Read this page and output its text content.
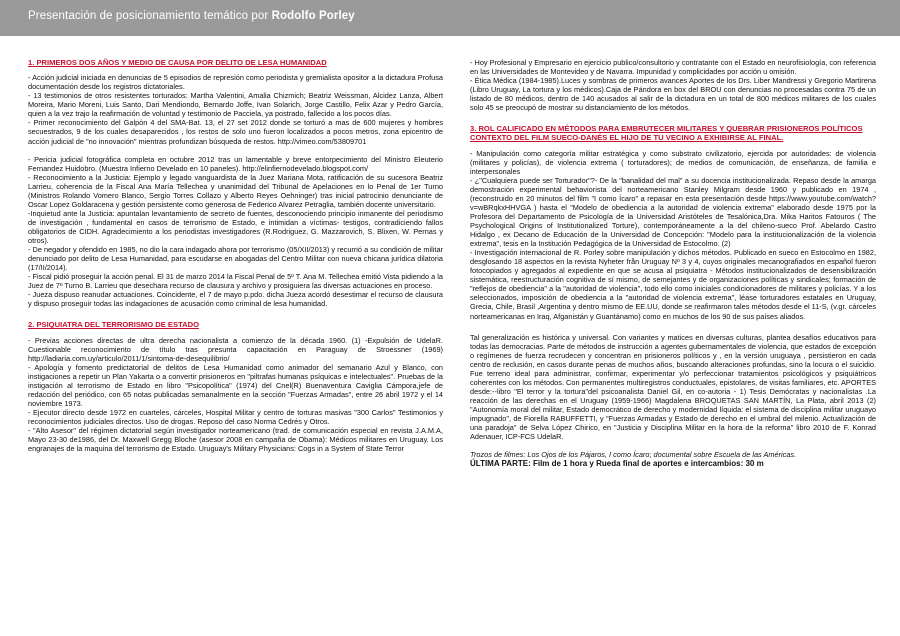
Presentación de posicionamiento temático por Rodolfo Porley
1. PRIMEROS DOS AÑOS Y MEDIO DE CAUSA POR DELITO DE LESA HUMANIDAD

- Acción judicial iniciada en denuncias de 5 episodios de represión como periodista y gremialista opositor a la dictadura Profusa documentación desde los registros dictatoriales.

- 13 testimonios de otros resistentes torturados: Martha Valentini, Amalia Chizmich; Beatriz Weissman, Alcidez Lanza, Albert Moreira, Mario Moreni, Luis Santo, Dari Mendiondo, Bernardo Joffe, Ivan Solarich, Jorge Castillo, Felix Azar y Pedro García, quien a la vez trajo la reafirmación de voluntad y testimonio de Pacciela, ya postrado, fallecido a los pocos días.

- Primer reconocimiento del Galpón 4 del SMA-Bat. 13, el 27 set 2012 donde se torturó a mas de 600 mujeres y hombres secuestrados, 9 de los cuales desaparecidos , los restos de solo uno fueron localizados a pocos metros, zona epicentro de acción judicial de "no innovación" mientras profundizan búsqueda de restos. http://vimeo.com/53809701

- Pericia judicial fotográfica completa en octubre 2012 tras un lamentable y breve entorpecimiento del Ministro Eleuterio Fernandez Huidobro. (Muestra Infierno Develado en 10 paneles). http://elinfiernodevelado.blogspot.com/

- Reconocimiento a la Justicia: Ejemplo y legado vanguardista de la Juez Mariana Mota, ratificación de su sucesora Beatriz Larrieu, coherencia de la Fiscal Ana María Tellechea y unanimidad del Tribunal de Apelaciones en lo Penal de 1er Turno (Ministros Rolando Vomero Blanco, Sergio Torres Collazo y Alberto Reyes Oehninger) tras inicial patrocinio denunciante de Oscar Lopez Goldaracena y gestión persistente como generosa de Federico Alvarez Petraglia, también docente universitario.

-Inquietud ante la Justicia: apuntalan levantamiento de secreto de fuentes, desconociendo principio inmanente del periodismo de investigación , fundamental en casos de terrorismo de Estado, e intimidan a víctimas- testigos, contradiciendo fallos obligatorios de CIDH. Agradecimiento a los periodistas investigadores (R.Rodriguez, G. Mazzarovich, S. Blixen, W. Pernas y otros).

- De negador y ofendido en 1985, no dio la cara indagado ahora por terrorismo (05/XII/2013) y recurrió a su condición de militar denunciado por delito de Lesa Humanidad, para escudarse en abogadas del Centro Militar con nueva chicana jurídica dilatoria (17/II/2014).

- Fiscal pidió proseguir la acción penal. El 31 de marzo 2014 la Fiscal Penal de 5º T. Ana M. Tellechea emitió Vista pidiendo a la Juez de 7º Turno B. Larrieu que desechara recurso de clausura y archivo y prosiguiera las diversas actuaciones en proceso.

- Jueza dispuso reanudar actuaciones. Coincidente, el 7 de mayo p.pdo. dicha Jueza acordó desestimar el recurso de clausura y dispuso proseguir todas las indagaciones de acusación como criminal de lesa humanidad.

2. PSIQUIATRA DEL TERRORISMO DE ESTADO

- Previas acciones directas de ultra derecha nacionalista a comienzo de la década 1960. (1) -Expulsión de UdelaR. Cuestionable reconocimiento de título tras presunta capacitación en Paraguay de Stroessner (1969) http://ladiaria.com.uy/articulo/2011/1/sintoma-de-desequilibrio/

- Apología y fomento predictatorial de delitos de Lesa Humanidad como animador del semanario Azul y Blanco, con instigaciones a repetir un Plan Yakarta o a convertir prisioneros en "piltrafas humanas psíquicas e intelectuales". Pruebas de la instigación al terrorismo de Estado en libro "Psicopolítica" (1974) del Cnel(R) Buenaventura Caviglia Cámpora,jefe de redacción del periódico, con 65 notas publicadas semanalmente en la sección "Fuerzas Armadas", entre 26 abril 1972 y el 14 noviembre 1973.

- Ejecutor directo desde 1972 en cuarteles, cárceles, Hospital Militar y centro de torturas masivas "300 Carlos" Testimonios y reconocimientos judiciales directos. Uso de drogas. Reposo del caso Norma Cedrés y Otros.

- "Alto Asesor" del régimen dictatorial según investigador norteamericano (trad. de comunicación especial en revista J.A.M.A, Mayo 23-30 de1986, del Dr. Maxwell Gregg Bloche (asesor 2008 en campaña de Obama): Médicos militares en Uruguay. Los engranajes de la maquina del terrorismo de Estado. Uruguay's Military Physicians: Cogs in a System of State Terror

- Hoy Profesional y Empresario en ejercicio publico/consultorio y contratante con el Estado en neurofisiología, con referencia en las Universidades de Montevideo y de Navarra. Impunidad y complicidades por acción u omisión.

- Ética Médica (1984-1985).Luces y sombras de primeros avances Aportes de los Drs. Liber Mandressi y Gregorio Martirena (Libro Uruguay, La tortura y los médicos).Caja de Pándora en box del BROU con denuncias no procesadas contra 75 de un listado de 80 médicos, dentro de 140 acusados al salir de la dictadura en un total de 800 médicos militares de los cuales solo 45 se preocupó de mostrar su distanciamiento de los métodos.

3. ROL CALIFICADO EN MÉTODOS PARA EMBRUTECER MILITARES Y QUEBRAR PRISIONEROS POLÍTICOS CONTEXTO DEL FILM SUECO-DANÉS EL HIJO DE TU VECINO A EXHIBIRSE AL FINAL.

- Manipulación como categoría militar estratégica y como substrato civilizatorio, ejercida por autoridades: de violencia (militares y policías), de violencia extrema ( torturadores); de medios de comunicación, de enseñanza, de familia e interpersonales

- ¿"Cualquiera puede ser Torturador"?- De la "banalidad del mal" a su docencia institucionalizada. Repaso desde la amarga demostración experimental behaviorista del norteamericano Stanley Milgram desde 1960 y publicado en 1974 , (reconstruido en 20 minutos del film "I como Ícaro" a repasar en esta presentación desde https://www.youtube.com/watch?v=wBRqkxHHVGA ) hasta el "Modelo de obediencia a la autoridad de violencia extrema" elaborado desde 1975 por la Profesora del Departamento de Psicología de la Universidad Aristóteles de Tesalónica,Dra. Mika Haritos Fatouros ( The Psychological Origins of Institutionalized Torture), contemporáneamente a la del chileno-sueco Prof. Abelardo Castro Hidalgo , ex Decano de Educación de la Universidad de Concepción: "Modelo para la institucionalización de la violencia extrema", tesis en la Institución Pedagógica de la Universidad de Estocolmo. (2)

- Investigación internacional de R. Porley sobre manipulación y dichos métodos. Publicado en sueco en Estocolmo en 1982, desglosando 18 aspectos en la revista Nyheter från Uruguay Nº 3 y 4, cuyos originales mecanografiados en español fueron fotocopiados y agregados al expediente en que se acusa al psiquiatra - Métodos institucionalizados de desensibilización sistemática, reestructuración cognitiva de sí mismo, de semejantes y de organizaciones políticas y sindicales; formación de "reflejos de obediencia" a la "autoridad de violencia", todo ello como iniciales condicionadores de militares y policías. Y a los seleccionados, imposición de obediencia a la "autoridad de violencia extrema", léase torturadores estatales en Uruguay, Grecia, Chile, Brasil ,Argentina y dentro mismo de EE.UU, donde se reafirmaron tales métodos desde el 11-S, (v.gr. cárceles norteamericanas en Iraq, Afganistán y Guantánamo) como en muchos de los 90 de sus países aliados.

Tal generalización es histórica y universal. Con variantes y matices en diversas culturas, plantea desafíos educativos para todas las democracias. Parte de métodos de instrucción a agentes gubernamentales de violencia, que estados de excepción o regímenes de fuerza recrudecen y concentran en prisioneros políticos y , en la versión uruguaya , persistieron en cada centro de reclusión, en casos durante penas de muchos años, buscando alteraciones profundas, sino la locura o el suicidio. Fue terreno ideal para administrar, confirmar, experimentar y/o perfeccionar tratamientos psicológicos y psiquiátricos coherentes con los métodos. Con permanentes multiregistros conductuales, epistolares, de visitas familiares, etc. APORTES desde:--libro "El terror y la tortura"del psicoanalista Daniel Gil, en co-autoria - 1) Tesis Demócratas y nacionalistas .La reacción de las derechas en el Uruguay (1959-1966) Magdalena BROQUETAS SAN MARTÍN, La Plata, abril 2013 (2) "Autonomía moral del militar, Estado democrático de derecho y modernidad líquida: el sistema de disciplina militar uruguayo impugnado", de Fiorella RABUFFETTI, y "Fuerzas Armadas y Estado de derecho en el umbral del milenio. Actualización de una paradoja" de Selva López Chirico, en "Justicia y Disciplina Militar en la hora de la reforma" libro 2010 de F. Konrad Adenauer, ICP-FCS UdelaR.

Trozos de filmes: Los Ojos de los Pájaros, I como Ícaro; documental sobre Escuela de las Américas.

ÚLTIMA PARTE: Film de 1 hora y Rueda final de aportes e intercambios: 30 m
